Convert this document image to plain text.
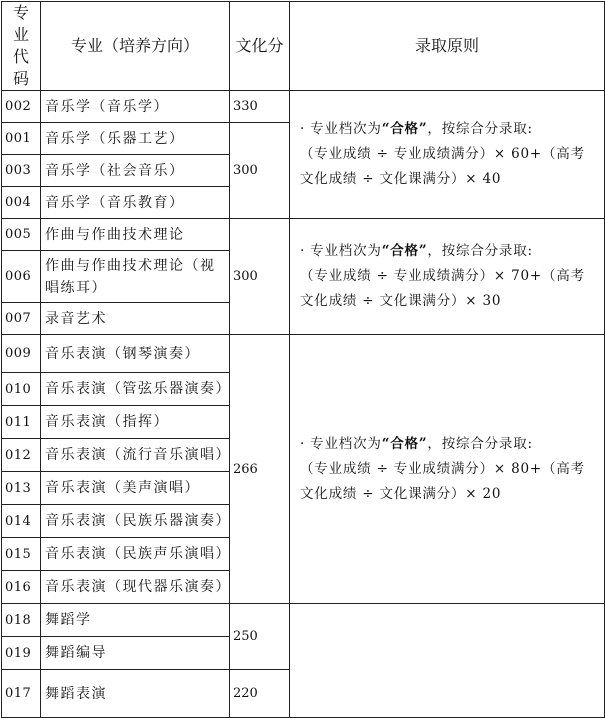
专业代码	专业（培养方向）	文化分	录取原则
002	音乐学（音乐学）	330	· 专业档次为“合格”，按综合分录取:
（专业成绩 ÷ 专业成绩满分）× 60+（高考文化成绩 ÷ 文化课满分）× 40

001	音乐学（乐器工艺）	300	
003	音乐学（社会音乐）		
004	音乐学（音乐教育）		
005	作曲与作曲技术理论	300	· 专业档次为“合格”，按综合分录取:
（专业成绩 ÷ 专业成绩满分）× 70+（高考文化成绩 ÷ 文化课满分）× 30

006	作曲与作曲技术理论（视唱练耳）		
007	录音艺术		
009	音乐表演（钢琴演奏）	266	· 专业档次为“合格”，按综合分录取:
（专业成绩 ÷ 专业成绩满分）× 80+（高考文化成绩 ÷ 文化课满分）× 20

010	音乐表演（管弦乐器演奏）		
011	音乐表演（指挥）		
012	音乐表演（流行音乐演唱）		
013	音乐表演（美声演唱）		
014	音乐表演（民族乐器演奏）		
015	音乐表演（民族声乐演唱）		
016	音乐表演（现代器乐演奏）		
018	舞蹈学	250	
019	舞蹈编导		
017	舞蹈表演	220	
